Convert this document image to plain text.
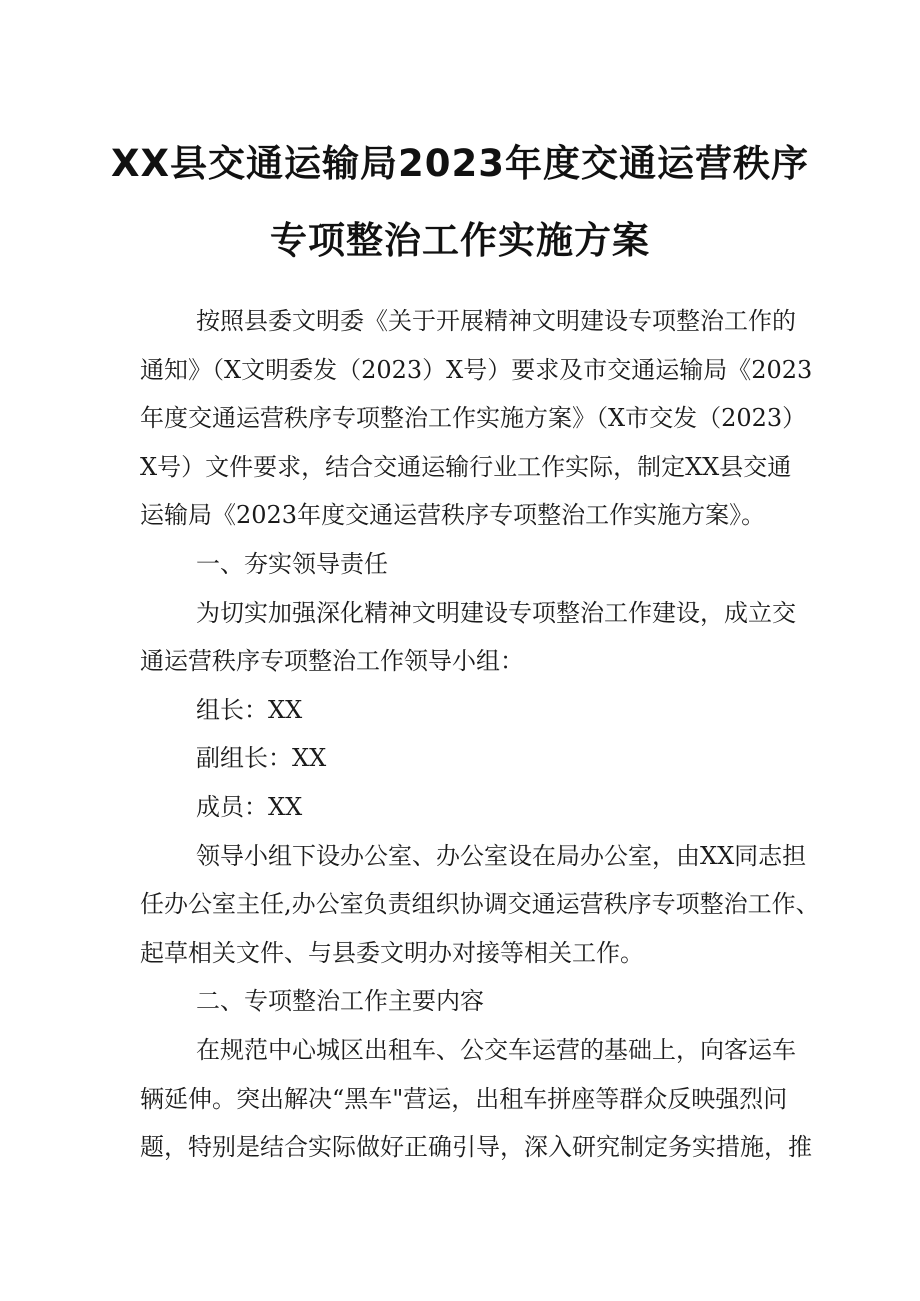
XX县交通运输局2023年度交通运营秩序
专项整治工作实施方案
按照县委文明委《关于开展精神文明建设专项整治工作的
通知》（X文明委发（2023）X号）要求及市交通运输局《2023
年度交通运营秩序专项整治工作实施方案》（X市交发（2023）
X号）文件要求，结合交通运输行业工作实际，制定XX县交通
运输局《2023年度交通运营秩序专项整治工作实施方案》。
一、夯实领导责任
为切实加强深化精神文明建设专项整治工作建设，成立交
通运营秩序专项整治工作领导小组：
组长：XX
副组长：XX
成员：XX
领导小组下设办公室、办公室设在局办公室，由XX同志担
任办公室主任,办公室负责组织协调交通运营秩序专项整治工作、
起草相关文件、与县委文明办对接等相关工作。
二、专项整治工作主要内容
在规范中心城区出租车、公交车运营的基础上，向客运车
辆延伸。突出解决“黑车"营运，出租车拼座等群众反映强烈问
题，特别是结合实际做好正确引导，深入研究制定务实措施，推
